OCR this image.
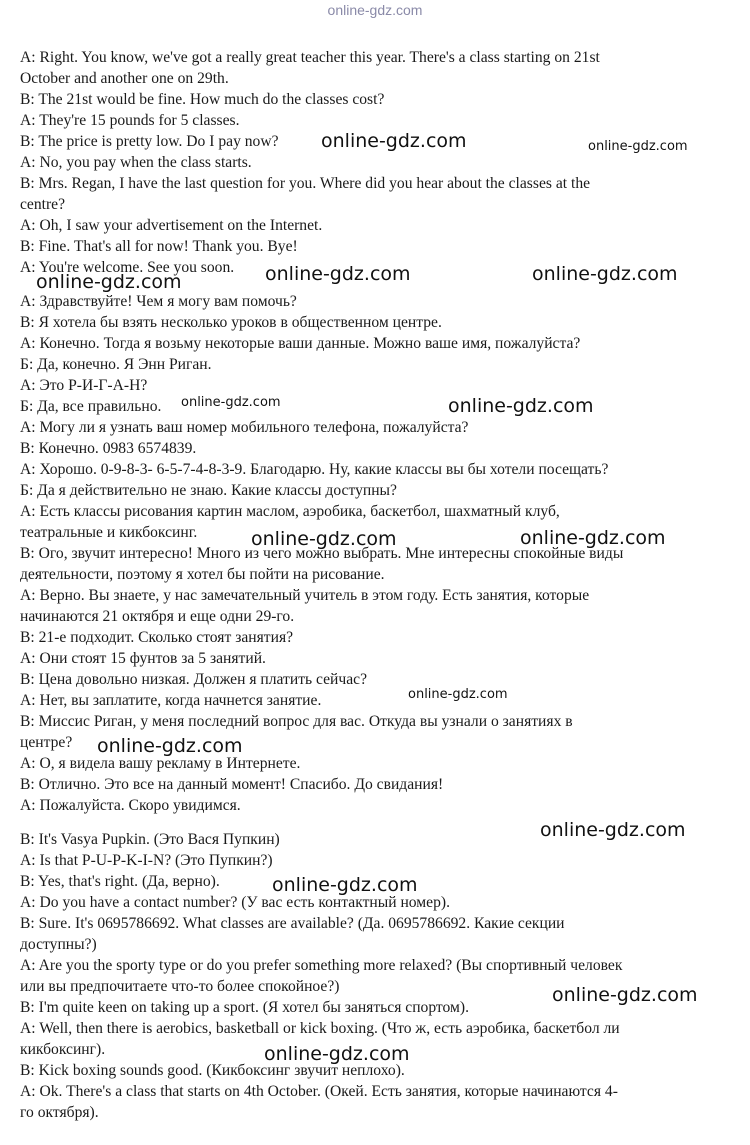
online-gdz.com
A: Right. You know, we've got a really great teacher this year. There's a class starting on 21st
October and another one on 29th.
B: The 21st would be fine. How much do the classes cost?
A: They're 15 pounds for 5 classes.
B: The price is pretty low. Do I pay now?
A: No, you pay when the class starts.
B: Mrs. Regan, I have the last question for you. Where did you hear about the classes at the
centre?
A: Oh, I saw your advertisement on the Internet.
B: Fine. That's all for now! Thank you. Bye!
A: You're welcome. See you soon.
А: Здравствуйте! Чем я могу вам помочь?
В: Я хотела бы взять несколько уроков в общественном центре.
А: Конечно. Тогда я возьму некоторые ваши данные. Можно ваше имя, пожалуйста?
Б: Да, конечно. Я Энн Риган.
А: Это Р-И-Г-А-Н?
Б: Да, все правильно.
А: Могу ли я узнать ваш номер мобильного телефона, пожалуйста?
В: Конечно. 0983 6574839.
А: Хорошо. 0-9-8-3- 6-5-7-4-8-3-9. Благодарю. Ну, какие классы вы бы хотели посещать?
Б: Да я действительно не знаю. Какие классы доступны?
А: Есть классы рисования картин маслом, аэробика, баскетбол, шахматный клуб,
театральные и кикбоксинг.
В: Ого, звучит интересно! Много из чего можно выбрать. Мне интересны спокойные виды
деятельности, поэтому я хотел бы пойти на рисование.
А: Верно. Вы знаете, у нас замечательный учитель в этом году. Есть занятия, которые
начинаются 21 октября и еще одни 29-го.
В: 21-е подходит. Сколько стоят занятия?
А: Они стоят 15 фунтов за 5 занятий.
В: Цена довольно низкая. Должен я платить сейчас?
А: Нет, вы заплатите, когда начнется занятие.
В: Миссис Риган, у меня последний вопрос для вас. Откуда вы узнали о занятиях в
центре?
А: О, я видела вашу рекламу в Интернете.
В: Отлично. Это все на данный момент! Спасибо. До свидания!
А: Пожалуйста. Скоро увидимся.
B: It's Vasya Pupkin. (Это Вася Пупкин)
A: Is that P-U-P-K-I-N? (Это Пупкин?)
B: Yes, that's right. (Да, верно).
A: Do you have a contact number? (У вас есть контактный номер).
B: Sure. It's 0695786692. What classes are available? (Да. 0695786692. Какие секции
доступны?)
A: Are you the sporty type or do you prefer something more relaxed? (Вы спортивный человек
или вы предпочитаете что-то более спокойное?)
B: I'm quite keen on taking up a sport. (Я хотел бы заняться спортом).
A: Well, then there is aerobics, basketball or kick boxing. (Что ж, есть аэробика, баскетбол ли
кикбоксинг).
B: Kick boxing sounds good. (Кикбоксинг звучит неплохо).
A: Ok. There's a class that starts on 4th October. (Окей. Есть занятия, которые начинаются 4-
го октября).
online-gdz.com	online-gdz.com
online-gdz.com	online-gdz.com
online-gdz.com	online-gdz.com
online-gdz.com
online-gdz.com
online-gdz.com
online-gdz.com
online-gdz.com
online-gdz.com
online-gdz.com
online-gdz.com
online-gdz.com
